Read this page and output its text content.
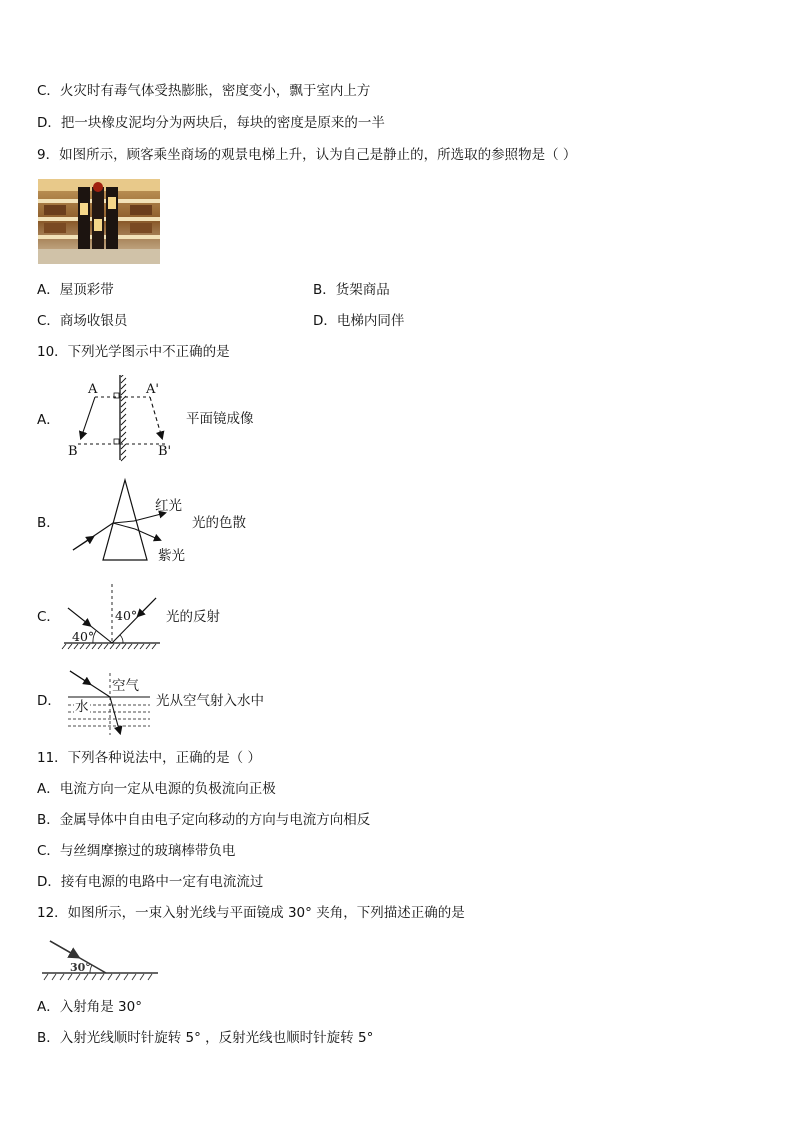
C．火灾时有毒气体受热膨胀，密度变小，飘于室内上方
D．把一块橡皮泥均分为两块后，每块的密度是原来的一半
9．如图所示，顾客乘坐商场的观景电梯上升，认为自己是静止的，所选取的参照物是（ ）
A．屋顶彩带	B．货架商品
C．商场收银员	D．电梯内同伴
10．下列光学图示中不正确的是
A．
A	A'
B	B'
平面镜成像
B．
红光
紫光
光的色散
C．	40°
40°
光的反射
D．
空气
水	光从空气射入水中
11．下列各种说法中，正确的是（ ）
A．电流方向一定从电源的负极流向正极
B．金属导体中自由电子定向移动的方向与电流方向相反
C．与丝绸摩擦过的玻璃棒带负电
D．接有电源的电路中一定有电流流过
12．如图所示，一束入射光线与平面镜成 30° 夹角，下列描述正确的是
30°
A．入射角是 30°
B．入射光线顺时针旋转 5° ，反射光线也顺时针旋转 5°
